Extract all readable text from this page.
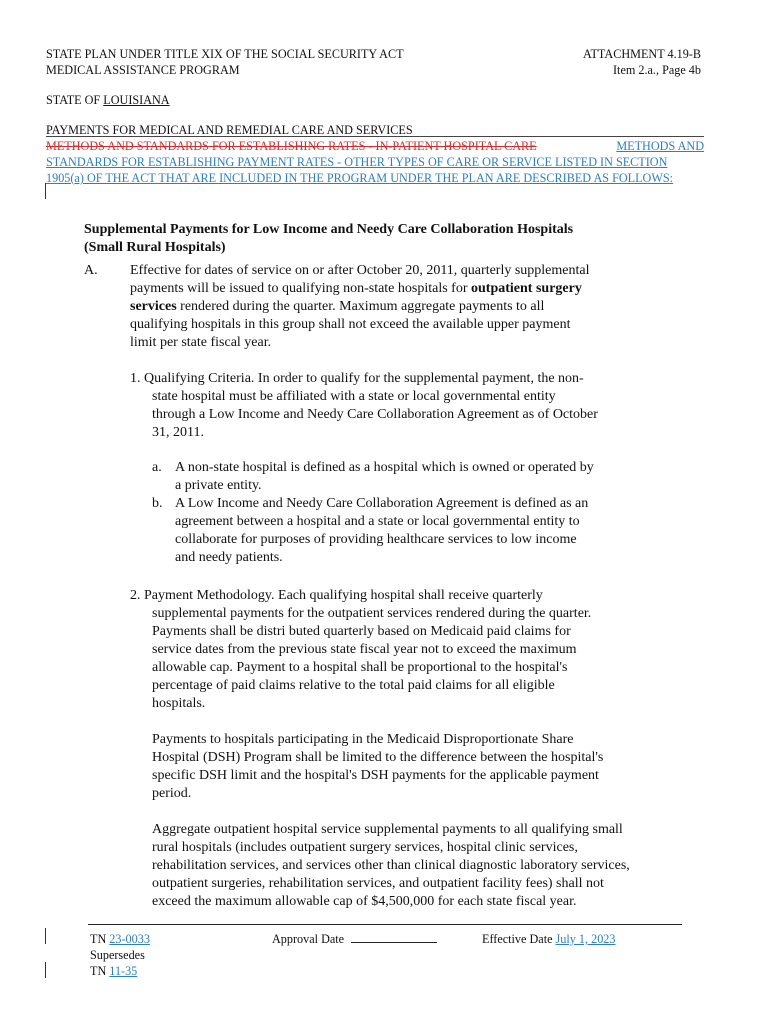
STATE PLAN UNDER TITLE XIX OF THE SOCIAL SECURITY ACT
MEDICAL ASSISTANCE PROGRAM
ATTACHMENT 4.19-B
Item 2.a., Page 4b
STATE OF LOUISIANA
PAYMENTS FOR MEDICAL AND REMEDIAL CARE AND SERVICES
METHODS AND STANDARDS FOR ESTABLISHING RATES - IN-PATIENT HOSPITAL CARE	METHODS AND
STANDARDS FOR ESTABLISHING PAYMENT RATES - OTHER TYPES OF CARE OR SERVICE LISTED IN SECTION
1905(a) OF THE ACT THAT ARE INCLUDED IN THE PROGRAM UNDER THE PLAN ARE DESCRIBED AS FOLLOWS:
Supplemental Payments for Low Income and Needy Care Collaboration Hospitals
(Small Rural Hospitals)
A. Effective for dates of service on or after October 20, 2011, quarterly supplemental
payments will be issued to qualifying non-state hospitals for outpatient surgery
services rendered during the quarter. Maximum aggregate payments to all
qualifying hospitals in this group shall not exceed the available upper payment
limit per state fiscal year.
1. Qualifying Criteria. In order to qualify for the supplemental payment, the non-
state hospital must be affiliated with a state or local governmental entity
through a Low Income and Needy Care Collaboration Agreement as of October
31, 2011.
a. A non-state hospital is defined as a hospital which is owned or operated by
a private entity.
b. A Low Income and Needy Care Collaboration Agreement is defined as an
agreement between a hospital and a state or local governmental entity to
collaborate for purposes of providing healthcare services to low income
and needy patients.
2. Payment Methodology. Each qualifying hospital shall receive quarterly
supplemental payments for the outpatient services rendered during the quarter.
Payments shall be distri buted quarterly based on Medicaid paid claims for
service dates from the previous state fiscal year not to exceed the maximum
allowable cap. Payment to a hospital shall be proportional to the hospital's
percentage of paid claims relative to the total paid claims for all eligible
hospitals.
Payments to hospitals participating in the Medicaid Disproportionate Share
Hospital (DSH) Program shall be limited to the difference between the hospital's
specific DSH limit and the hospital's DSH payments for the applicable payment
period.
Aggregate outpatient hospital service supplemental payments to all qualifying small
rural hospitals (includes outpatient surgery services, hospital clinic services,
rehabilitation services, and services other than clinical diagnostic laboratory services,
outpatient surgeries, rehabilitation services, and outpatient facility fees) shall not
exceed the maximum allowable cap of $4,500,000 for each state fiscal year.
TN 23-0033
Supersedes
TN 11-35
Approval Date	Effective Date July 1, 2023
